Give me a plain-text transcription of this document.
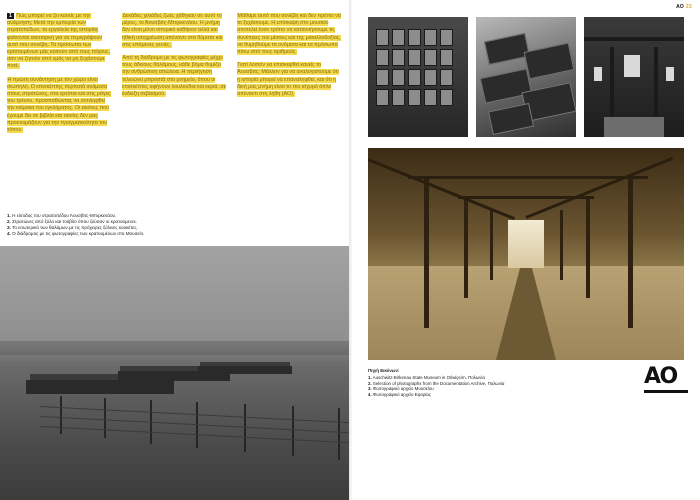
1 Πώς μπορεί να ζει κανείς με την ανάμνηση; Μετά την εμπειρία των στρατοπέδων, τα εργαλεία της ιστορίας φαίνονται ανεπαρκή για να περιγράψουν αυτό που συνέβη. Τα πρόσωπα των κρατουμένων μάς κοιτούν από τους τοίχους, σαν να ζητούν από εμάς να μη ξεχάσουμε ποτέ.

Η πρώτη συνάντηση με τον χώρο είναι σιωπηλή. Ο επισκέπτης περπατά ανάμεσα στους στρατώνες, στα ερείπια και στις ράγες του τρένου, προσπαθώντας να αντιληφθεί την κλίμακα του εγκλήματος. Οι εικόνες που έχουμε δει σε βιβλία και ταινίες δεν μας προετοιμάζουν για την πραγματικότητα του τόπου.

Δεκάδες χιλιάδες ζωές χάθηκαν σε αυτό το μέρος, το Άουσβιτς-Μπιρκενάου. Η μνήμη δεν είναι μόνο ιστορικό καθήκον αλλά και ηθική υποχρέωση απέναντι στα θύματα και στις επόμενες γενιές.

Από τη διάδρομο με τις φωτογραφίες μέχρι τους άδειους θαλάμους, κάθε βήμα θυμίζει την ανθρώπινη απώλεια. Η περιήγηση τελειώνει μπροστά στο μνημείο, όπου οι επισκέπτες αφήνουν λουλούδια και κεριά, σε ένδειξη σεβασμού.

Μάθαμε αυτό που συνέβη και δεν πρέπει να το ξεχάσουμε. Η επίσκεψη στο μουσείο αποτελεί έναν τρόπο να κατανοήσουμε τις συνέπειες του μίσους και της μισαλλοδοξίας, να θυμηθούμε τα ονόματα και τα πρόσωπα πίσω από τους αριθμούς.

Γιατί λοιπόν να επισκεφθεί κανείς το Άουσβιτς; Μάλλον για να αναλογιστούμε ότι η ιστορία μπορεί να επαναληφθεί, και ότι η δική μας μνήμη είναι το πιο ισχυρό όπλο απέναντι στη λήθη (ΑΟ).

1. Η είσοδος του στρατοπέδου Άουσβιτς-Μπιρκενάου.
2. Στρατώνες από ξύλο και τούβλο όπου ζούσαν οι κρατούμενοι.
3. Το εσωτερικό των θαλάμων με τις πρόχειρες ξύλινες κουκέτες.
4. Ο διάδρομος με τις φωτογραφίες των κρατουμένων στο Μουσείο.
ΑΟ 23
Πηγή Εικόνων:
1. Auschwitz-Birkenau State Museum in Oświęcim, Πολωνία
2. Selection of photographs from the Documentation Archive, Πολωνία
3. Φωτογραφικό αρχείο Μουσείου
4. Φωτογραφικό αρχείο Εφορίας
AO
